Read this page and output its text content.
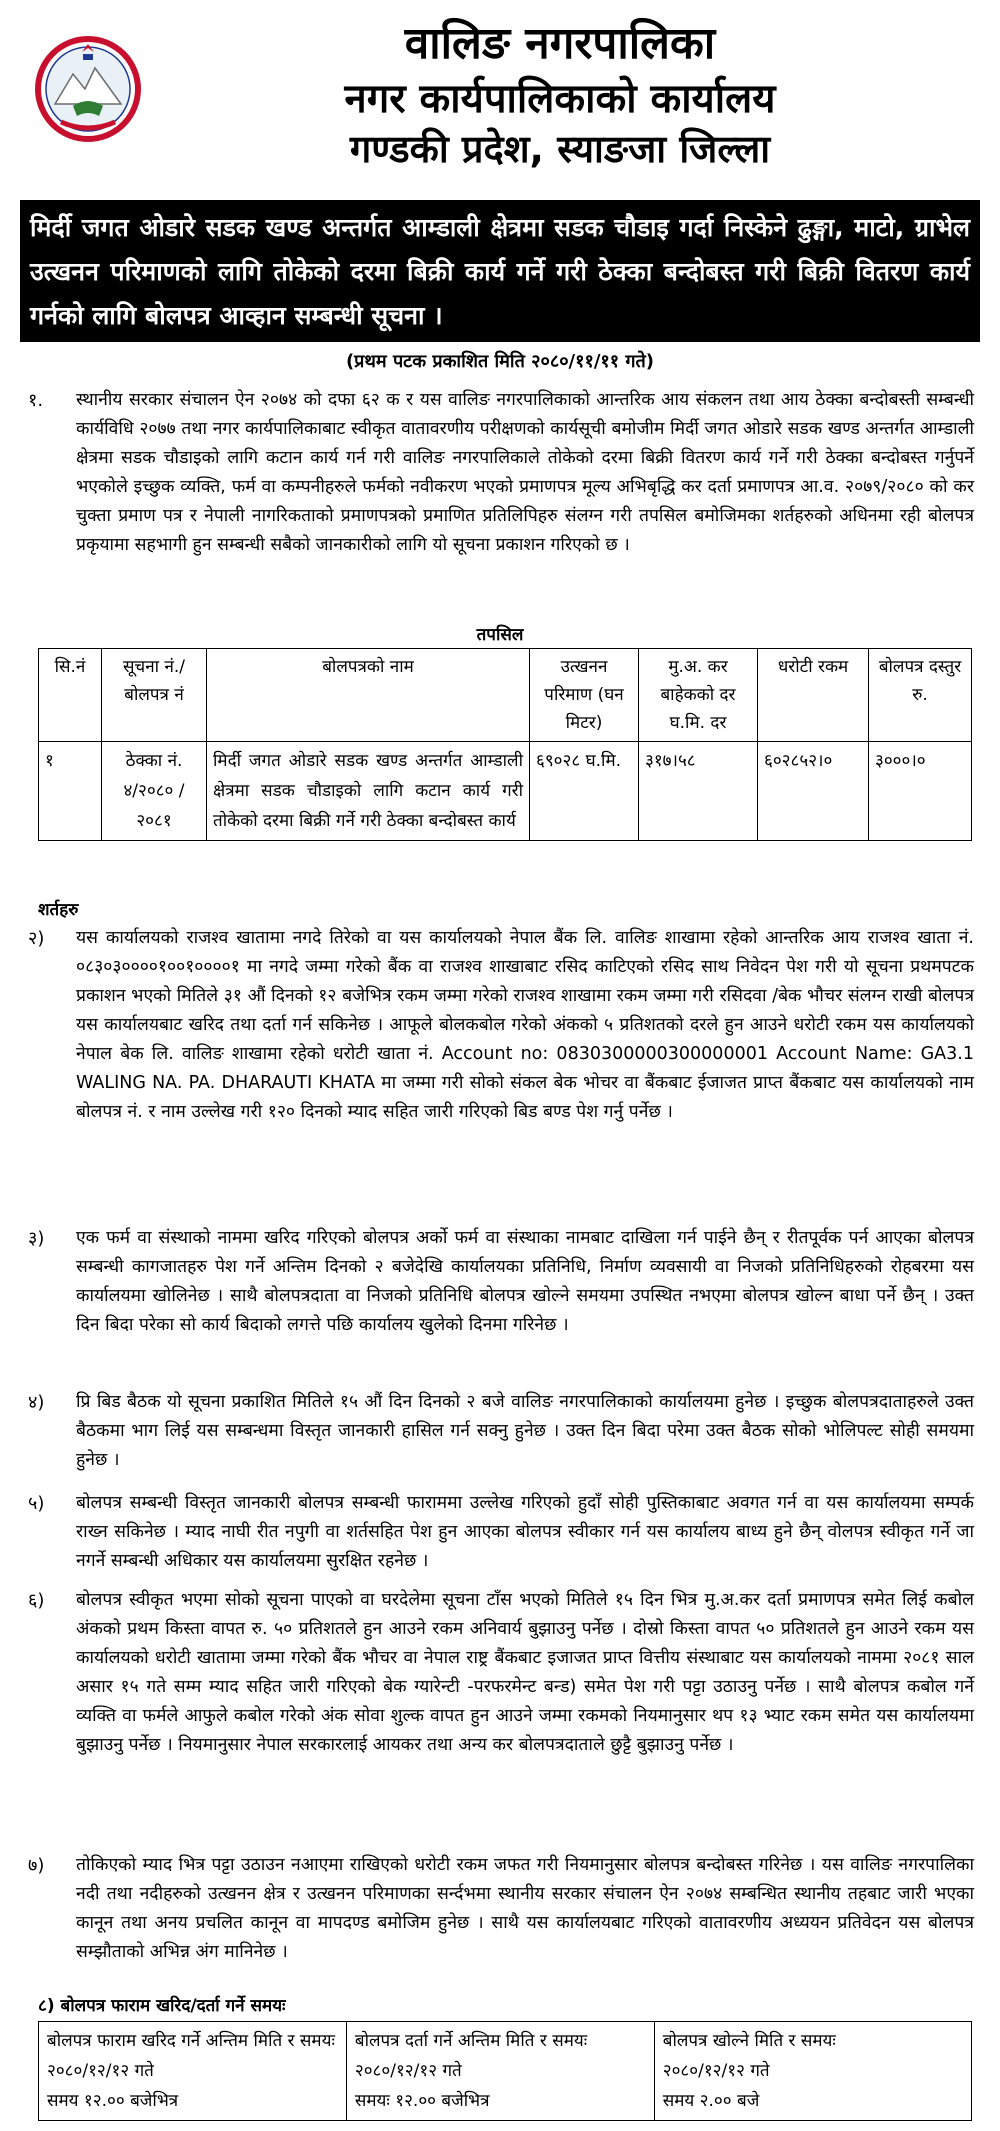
वालिङ नगरपालिका
नगर कार्यपालिकाको कार्यालय
गण्डकी प्रदेश, स्याङजा जिल्ला
मिर्दी जगत ओडारे सडक खण्ड अन्तर्गत आम्डाली क्षेत्रमा सडक चौडाइ गर्दा निस्केने ढुङ्गा, माटो, ग्राभेल उत्खनन परिमाणको लागि तोकेको दरमा बिक्री कार्य गर्ने गरी ठेक्का बन्दोबस्त गरी बिक्री वितरण कार्य गर्नको लागि बोलपत्र आव्हान सम्बन्धी सूचना ।
(प्रथम पटक प्रकाशित मिति २०८०/११/११ गते)
१. स्थानीय सरकार संचालन ऐन २०७४ को दफा ६२ क र यस वालिङ नगरपालिकाको आन्तरिक आय संकलन तथा आय ठेक्का बन्दोबस्ती सम्बन्धी कार्यविधि २०७७ तथा नगर कार्यपालिकाबाट स्वीकृत वातावरणीय परीक्षणको कार्यसूची बमोजीम मिर्दी जगत ओडारे सडक खण्ड अन्तर्गत आम्डाली क्षेत्रमा सडक चौडाइको लागि कटान कार्य गर्न गरी वालिङ नगरपालिकाले तोकेको दरमा बिक्री वितरण कार्य गर्ने गरी ठेक्का बन्दोबस्त गर्नुपर्ने भएकोले इच्छुक व्यक्ति, फर्म वा कम्पनीहरुले फर्मको नवीकरण भएको प्रमाणपत्र मूल्य अभिबृद्धि कर दर्ता प्रमाणपत्र आ.व. २०७९/२०८० को कर चुक्ता प्रमाण पत्र र नेपाली नागरिकताको प्रमाणपत्रको प्रमाणित प्रतिलिपिहरु संलग्न गरी तपसिल बमोजिमका शर्तहरुको अधिनमा रही बोलपत्र प्रकृयामा सहभागी हुन सम्बन्धी सबैको जानकारीको लागि यो सूचना प्रकाशन गरिएको छ ।
तपसिल
सि.नं	सूचना नं./ बोलपत्र नं	बोलपत्रको नाम	उत्खनन परिमाण (घन मिटर)	मु.अ. कर बाहेकको दर घ.मि. दर	धरोटी रकम	बोलपत्र दस्तुर रु.
१	ठेक्का नं. ४/२०८० /२०८१	मिर्दी जगत ओडारे सडक खण्ड अन्तर्गत आम्डाली क्षेत्रमा सडक चौडाइको लागि कटान कार्य गरी तोकेको दरमा बिक्री गर्ने गरी ठेक्का बन्दोबस्त कार्य	६९०२८ घ.मि.	३१७।५८	६०२८५२।०	३०००।०
शर्तहरु
२) यस कार्यालयको राजश्व खातामा नगदे तिरेको वा यस कार्यालयको नेपाल बैंक लि. वालिङ शाखामा रहेको आन्तरिक आय राजश्व खाता नं. ०८३०३००००१००१००००१ मा नगदे जम्मा गरेको बैंक वा राजश्व शाखाबाट रसिद काटिएको रसिद साथ निवेदन पेश गरी यो सूचना प्रथमपटक प्रकाशन भएको मितिले ३१ औं दिनको १२ बजेभित्र रकम जम्मा गरेको राजश्व शाखामा रकम जम्मा गरी रसिदवा /बेक भौचर संलग्न राखी बोलपत्र यस कार्यालयबाट खरिद तथा दर्ता गर्न सकिनेछ । आफूले बोलकबोल गरेको अंकको ५ प्रतिशतको दरले हुन आउने धरोटी रकम यस कार्यालयको नेपाल बेक लि. वालिङ शाखामा रहेको धरोटी खाता नं. Account no: 0830300000300000001 Account Name: GA3.1 WALING NA. PA. DHARAUTI KHATA मा जम्मा गरी सोको संकल बेक भोचर वा बैंकबाट ईजाजत प्राप्त बैंकबाट यस कार्यालयको नाम बोलपत्र नं. र नाम उल्लेख गरी १२० दिनको म्याद सहित जारी गरिएको बिड बण्ड पेश गर्नु पर्नेछ ।
३) एक फर्म वा संस्थाको नाममा खरिद गरिएको बोलपत्र अर्को फर्म वा संस्थाका नामबाट दाखिला गर्न पाईने छैन् र रीतपूर्वक पर्न आएका बोलपत्र सम्बन्धी कागजातहरु पेश गर्ने अन्तिम दिनको २ बजेदेखि कार्यालयका प्रतिनिधि, निर्माण व्यवसायी वा निजको प्रतिनिधिहरुको रोहबरमा यस कार्यालयमा खोलिनेछ । साथै बोलपत्रदाता वा निजको प्रतिनिधि बोलपत्र खोल्ने समयमा उपस्थित नभएमा बोलपत्र खोल्न बाधा पर्ने छैन् । उक्त दिन बिदा परेका सो कार्य बिदाको लगत्ते पछि कार्यालय खुलेको दिनमा गरिनेछ ।
४) प्रि बिड बैठक यो सूचना प्रकाशित मितिले १५ औं दिन दिनको २ बजे वालिङ नगरपालिकाको कार्यालयमा हुनेछ । इच्छुक बोलपत्रदाताहरुले उक्त बैठकमा भाग लिई यस सम्बन्धमा विस्तृत जानकारी हासिल गर्न सक्नु हुनेछ । उक्त दिन बिदा परेमा उक्त बैठक सोको भोलिपल्ट सोही समयमा हुनेछ ।
५) बोलपत्र सम्बन्धी विस्तृत जानकारी बोलपत्र सम्बन्धी फाराममा उल्लेख गरिएको हुदाँ सोही पुस्तिकाबाट अवगत गर्न वा यस कार्यालयमा सम्पर्क राख्न सकिनेछ । म्याद नाघी रीत नपुगी वा शर्तसहित पेश हुन आएका बोलपत्र स्वीकार गर्न यस कार्यालय बाध्य हुने छैन् वोलपत्र स्वीकृत गर्ने जा नगर्ने सम्बन्धी अधिकार यस कार्यालयमा सुरक्षित रहनेछ ।
६) बोलपत्र स्वीकृत भएमा सोको सूचना पाएको वा घरदेलेमा सूचना टाँस भएको मितिले १५ दिन भित्र मु.अ.कर दर्ता प्रमाणपत्र समेत लिई कबोल अंकको प्रथम किस्ता वापत रु. ५० प्रतिशतले हुन आउने रकम अनिवार्य बुझाउनु पर्नेछ । दोस्रो किस्ता वापत ५० प्रतिशतले हुन आउने रकम यस कार्यालयको धरोटी खातामा जम्मा गरेको बैंक भौचर वा नेपाल राष्ट्र बैंकबाट इजाजत प्राप्त वित्तीय संस्थाबाट यस कार्यालयको नाममा २०८१ साल असार १५ गते सम्म म्याद सहित जारी गरिएको बेक ग्यारेन्टी -परफरमेन्ट बन्ड) समेत पेश गरी पट्टा उठाउनु पर्नेछ । साथै बोलपत्र कबोल गर्ने व्यक्ति वा फर्मले आफुले कबोल गरेको अंक सोवा शुल्क वापत हुन आउने जम्मा रकमको नियमानुसार थप १३ भ्याट रकम समेत यस कार्यालयमा बुझाउनु पर्नेछ । नियमानुसार नेपाल सरकारलाई आयकर तथा अन्य कर बोलपत्रदाताले छुट्टै बुझाउनु पर्नेछ ।
७) तोकिएको म्याद भित्र पट्टा उठाउन नआएमा राखिएको धरोटी रकम जफत गरी नियमानुसार बोलपत्र बन्दोबस्त गरिनेछ । यस वालिङ नगरपालिका नदी तथा नदीहरुको उत्खनन क्षेत्र र उत्खनन परिमाणका सर्न्दभमा स्थानीय सरकार संचालन ऐन २०७४ सम्बन्धित स्थानीय तहबाट जारी भएका कानून तथा अनय प्रचलित कानून वा मापदण्ड बमोजिम हुनेछ । साथै यस कार्यालयबाट गरिएको वातावरणीय अध्ययन प्रतिवेदन यस बोलपत्र सम्झौताको अभिन्न अंग मानिनेछ ।
८) बोलपत्र फाराम खरिद/दर्ता गर्ने समयः
बोलपत्र फाराम खरिद गर्ने अन्तिम मिति र समयः
२०८०/१२/१२ गते
समय १२.०० बजेभित्र

बोलपत्र दर्ता गर्ने अन्तिम मिति र समयः
२०८०/१२/१२ गते
समयः १२.०० बजेभित्र

बोलपत्र खोल्ने मिति र समयः
२०८०/१२/१२ गते
समय २.०० बजे
